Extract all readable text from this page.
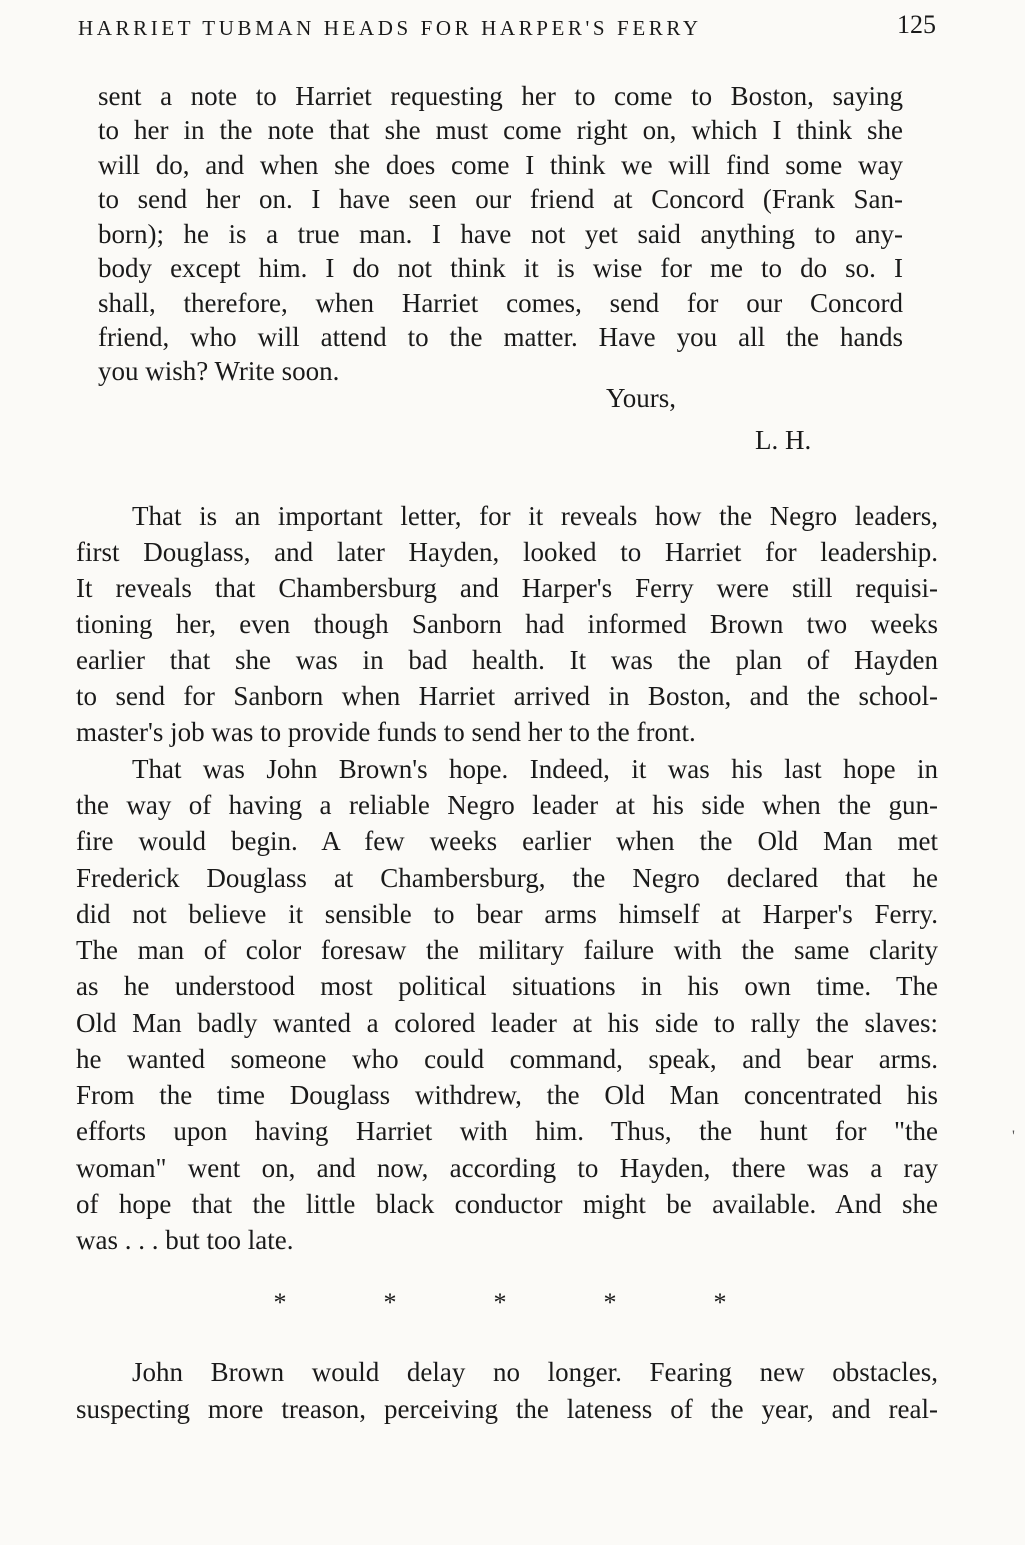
HARRIET TUBMAN HEADS FOR HARPER'S FERRY	125
sent a note to Harriet requesting her to come to Boston, saying
to her in the note that she must come right on, which I think she
will do, and when she does come I think we will find some way
to send her on. I have seen our friend at Concord (Frank San-
born); he is a true man. I have not yet said anything to any-
body except him. I do not think it is wise for me to do so. I
shall, therefore, when Harriet comes, send for our Concord
friend, who will attend to the matter. Have you all the hands
you wish? Write soon.
Yours,
L. H.
That is an important letter, for it reveals how the Negro leaders,
first Douglass, and later Hayden, looked to Harriet for leadership.
It reveals that Chambersburg and Harper's Ferry were still requisi-
tioning her, even though Sanborn had informed Brown two weeks
earlier that she was in bad health. It was the plan of Hayden
to send for Sanborn when Harriet arrived in Boston, and the school-
master's job was to provide funds to send her to the front.
That was John Brown's hope. Indeed, it was his last hope in
the way of having a reliable Negro leader at his side when the gun-
fire would begin. A few weeks earlier when the Old Man met
Frederick Douglass at Chambersburg, the Negro declared that he
did not believe it sensible to bear arms himself at Harper's Ferry.
The man of color foresaw the military failure with the same clarity
as he understood most political situations in his own time. The
Old Man badly wanted a colored leader at his side to rally the slaves:
he wanted someone who could command, speak, and bear arms.
From the time Douglass withdrew, the Old Man concentrated his
efforts upon having Harriet with him. Thus, the hunt for "the
woman" went on, and now, according to Hayden, there was a ray
of hope that the little black conductor might be available. And she
was . . . but too late.
*	*	*	*	*
John Brown would delay no longer. Fearing new obstacles,
suspecting more treason, perceiving the lateness of the year, and real-
'
